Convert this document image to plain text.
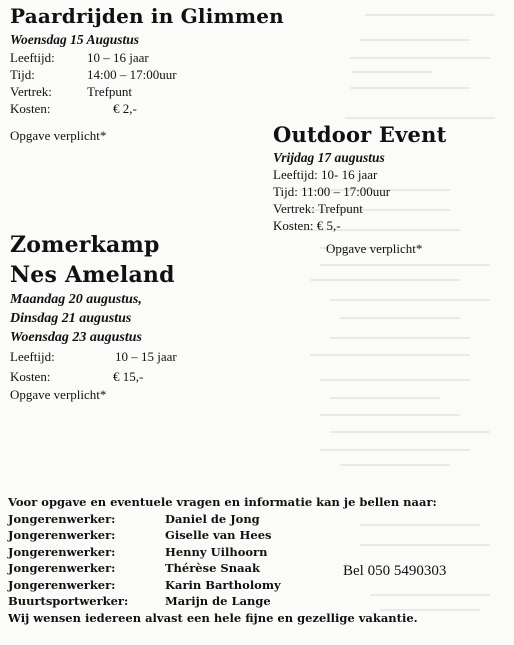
Paardrijden in Glimmen
Woensdag 15 Augustus
Leeftijd: 10 – 16 jaar
Tijd:	14:00 – 17:00uur
Vertrek:	Trefpunt
Kosten:	€ 2,-
Opgave verplicht*	Outdoor Event
Vrijdag 17 augustus
Leeftijd: 10- 16 jaar
Tijd: 11:00 – 17:00uur
Vertrek: Trefpunt
Kosten: € 5,-
Opgave verplicht*
Zomerkamp
Nes Ameland
Maandag 20 augustus,
Dinsdag 21 augustus
Woensdag 23 augustus
Leeftijd:	10 – 15 jaar
Kosten:	€ 15,-
Opgave verplicht*
Voor opgave en eventuele vragen en informatie kan je bellen naar:
Jongerenwerker:	Daniel de Jong
Jongerenwerker:	Giselle van Hees
Jongerenwerker:	Henny Uilhoorn
Jongerenwerker:	Thérèse Snaak
Jongerenwerker:	Karin Bartholomy
Buurtsportwerker:	Marijn de Lange
Wij wensen iedereen alvast een hele fijne en gezellige vakantie.
Bel 050 5490303
